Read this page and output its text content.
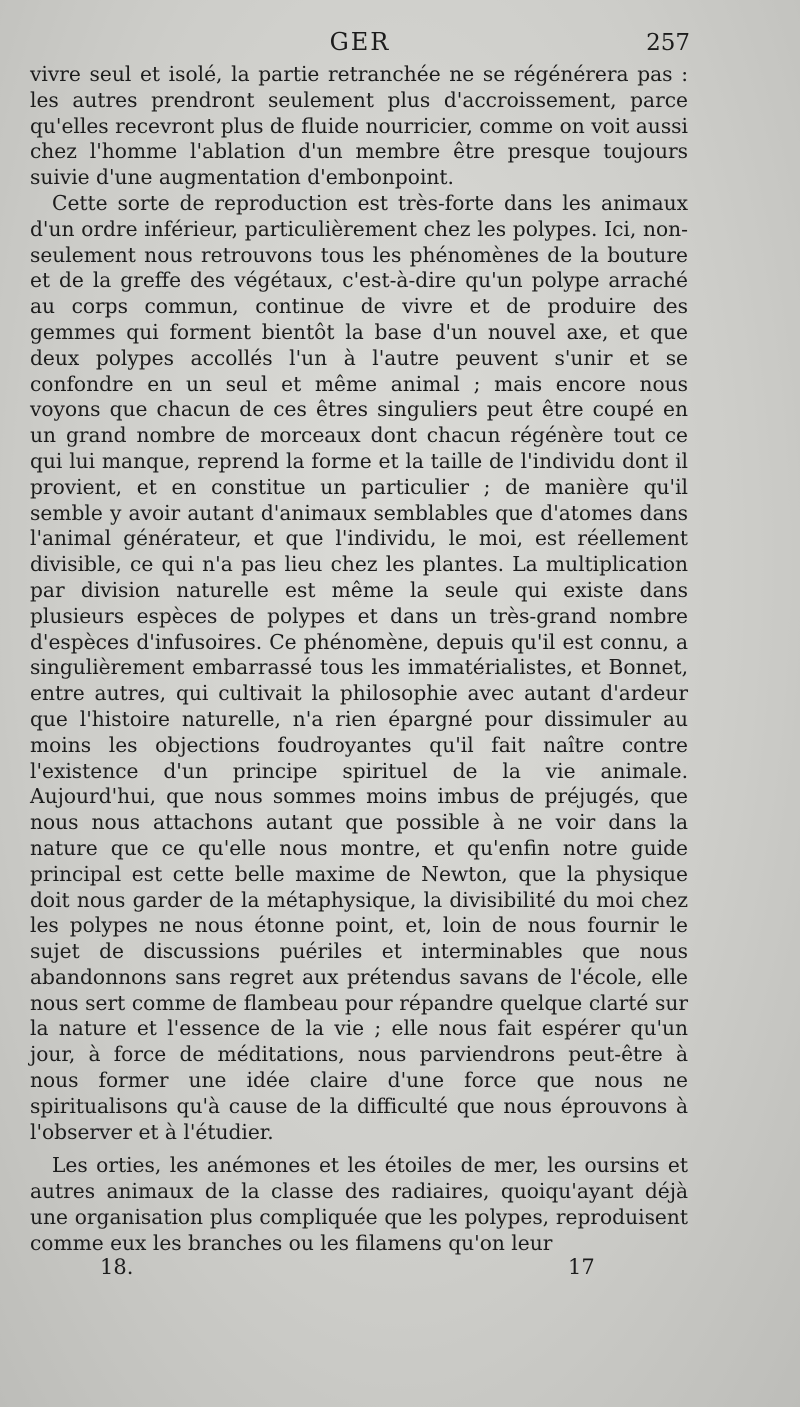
GER	257

vivre seul et isolé, la partie retranchée ne se régénérera pas : les autres prendront seulement plus d'accroissement, parce qu'elles recevront plus de fluide nourricier, comme on voit aussi chez l'homme l'ablation d'un membre être presque toujours suivie d'une augmentation d'embonpoint.

Cette sorte de reproduction est très-forte dans les animaux d'un ordre inférieur, particulièrement chez les polypes. Ici, non-seulement nous retrouvons tous les phénomènes de la bouture et de la greffe des végétaux, c'est-à-dire qu'un polype arraché au corps commun, continue de vivre et de produire des gemmes qui forment bientôt la base d'un nouvel axe, et que deux polypes accollés l'un à l'autre peuvent s'unir et se confondre en un seul et même animal ; mais encore nous voyons que chacun de ces êtres singuliers peut être coupé en un grand nombre de morceaux dont chacun régénère tout ce qui lui manque, reprend la forme et la taille de l'individu dont il provient, et en constitue un particulier ; de manière qu'il semble y avoir autant d'animaux semblables que d'atomes dans l'animal générateur, et que l'individu, le moi, est réellement divisible, ce qui n'a pas lieu chez les plantes. La multiplication par division naturelle est même la seule qui existe dans plusieurs espèces de polypes et dans un très-grand nombre d'espèces d'infusoires. Ce phénomène, depuis qu'il est connu, a singulièrement embarrassé tous les immatérialistes, et Bonnet, entre autres, qui cultivait la philosophie avec autant d'ardeur que l'histoire naturelle, n'a rien épargné pour dissimuler au moins les objections foudroyantes qu'il fait naître contre l'existence d'un principe spirituel de la vie animale. Aujourd'hui, que nous sommes moins imbus de préjugés, que nous nous attachons autant que possible à ne voir dans la nature que ce qu'elle nous montre, et qu'enfin notre guide principal est cette belle maxime de Newton, que la physique doit nous garder de la métaphysique, la divisibilité du moi chez les polypes ne nous étonne point, et, loin de nous fournir le sujet de discussions puériles et interminables que nous abandonnons sans regret aux prétendus savans de l'école, elle nous sert comme de flambeau pour répandre quelque clarté sur la nature et l'essence de la vie ; elle nous fait espérer qu'un jour, à force de méditations, nous parviendrons peut-être à nous former une idée claire d'une force que nous ne spiritualisons qu'à cause de la difficulté que nous éprouvons à l'observer et à l'étudier.

Les orties, les anémones et les étoiles de mer, les oursins et autres animaux de la classe des radiaires, quoiqu'ayant déjà une organisation plus compliquée que les polypes, reproduisent comme eux les branches ou les filamens qu'on leur

18.	17
